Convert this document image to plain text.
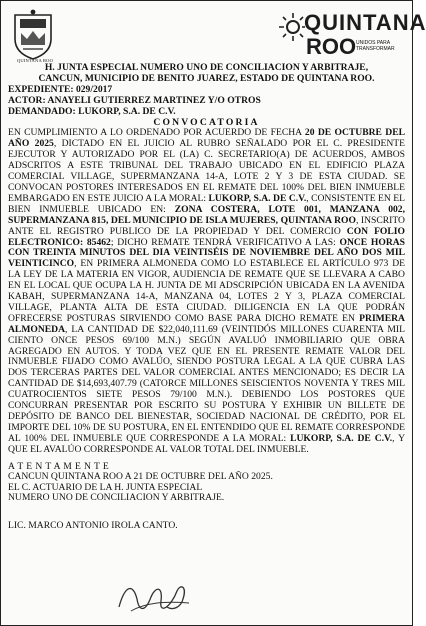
QUINTANA ROO
QUINTANA
ROO UNIDOS PARA TRANSFORMAR
H. JUNTA ESPECIAL NUMERO UNO DE CONCILIACION Y ARBITRAJE,
CANCUN, MUNICIPIO DE BENITO JUAREZ, ESTADO DE QUINTANA ROO.
EXPEDIENTE: 029/2017
ACTOR: ANAYELI GUTIERREZ MARTINEZ Y/O OTROS
DEMANDADO: LUKORP, S.A. DE C.V.
CONVOCATORIA
EN CUMPLIMIENTO A LO ORDENADO POR ACUERDO DE FECHA 20 DE OCTUBRE DEL AÑO 2025, DICTADO EN EL JUICIO AL RUBRO SEÑALADO POR EL C. PRESIDENTE EJECUTOR Y AUTORIZADO POR EL (LA) C. SECRETARIO(A) DE ACUERDOS, AMBOS ADSCRITOS A ESTE TRIBUNAL DEL TRABAJO UBICADO EN EL EDIFICIO PLAZA COMERCIAL VILLAGE, SUPERMANZANA 14-A, LOTE 2 Y 3 DE ESTA CIUDAD. SE CONVOCAN POSTORES INTERESADOS EN EL REMATE DEL 100% DEL BIEN INMUEBLE EMBARGADO EN ESTE JUICIO A LA MORAL: LUKORP, S.A. DE C.V., CONSISTENTE EN EL BIEN INMUEBLE UBICADO EN: ZONA COSTERA, LOTE 001, MANZANA 002, SUPERMANZANA 815, DEL MUNICIPIO DE ISLA MUJERES, QUINTANA ROO, INSCRITO ANTE EL REGISTRO PUBLICO DE LA PROPIEDAD Y DEL COMERCIO CON FOLIO ELECTRONICO: 85462; DICHO REMATE TENDRÁ VERIFICATIVO A LAS: ONCE HORAS CON TREINTA MINUTOS DEL DIA VEINTISÉIS DE NOVIEMBRE DEL AÑO DOS MIL VEINTICINCO, EN PRIMERA ALMONEDA COMO LO ESTABLECE EL ARTÍCULO 973 DE LA LEY DE LA MATERIA EN VIGOR, AUDIENCIA DE REMATE QUE SE LLEVARA A CABO EN EL LOCAL QUE OCUPA LA H. JUNTA DE MI ADSCRIPCIÓN UBICADA EN LA AVENIDA KABAH, SUPERMANZANA 14-A, MANZANA 04, LOTES 2 Y 3, PLAZA COMERCIAL VILLAGE, PLANTA ALTA DE ESTA CIUDAD. DILIGENCIA EN LA QUE PODRÁN OFRECERSE POSTURAS SIRVIENDO COMO BASE PARA DICHO REMATE EN PRIMERA ALMONEDA, LA CANTIDAD DE $22,040,111.69 (VEINTIDÓS MILLONES CUARENTA MIL CIENTO ONCE PESOS 69/100 M.N.) SEGÚN AVALUÓ INMOBILIARIO QUE OBRA AGREGADO EN AUTOS. Y TODA VEZ QUE EN EL PRESENTE REMATE VALOR DEL INMUEBLE FIJADO COMO AVALÚO, SIENDO POSTURA LEGAL A LA QUE CUBRA LAS DOS TERCERAS PARTES DEL VALOR COMERCIAL ANTES MENCIONADO; ES DECIR LA CANTIDAD DE $14,693,407.79 (CATORCE MILLONES SEISCIENTOS NOVENTA Y TRES MIL CUATROCIENTOS SIETE PESOS 79/100 M.N.). DEBIENDO LOS POSTORES QUE CONCURRAN PRESENTAR POR ESCRITO SU POSTURA Y EXHIBIR UN BILLETE DE DEPÓSITO DE BANCO DEL BIENESTAR, SOCIEDAD NACIONAL DE CRÉDITO, POR EL IMPORTE DEL 10% DE SU POSTURA, EN EL ENTENDIDO QUE EL REMATE CORRESPONDE AL 100% DEL INMUEBLE QUE CORRESPONDE A LA MORAL: LUKORP, S.A. DE C.V., Y QUE EL AVALÚO CORRESPONDE AL VALOR TOTAL DEL INMUEBLE.
A T E N T A M E N T E
CANCUN QUINTANA ROO A 21 DE OCTUBRE DEL AÑO 2025.
EL C. ACTUARIO DE LA H. JUNTA ESPECIAL
NUMERO UNO DE CONCILIACION Y ARBITRAJE.
LIC. MARCO ANTONIO IROLA CANTO.
